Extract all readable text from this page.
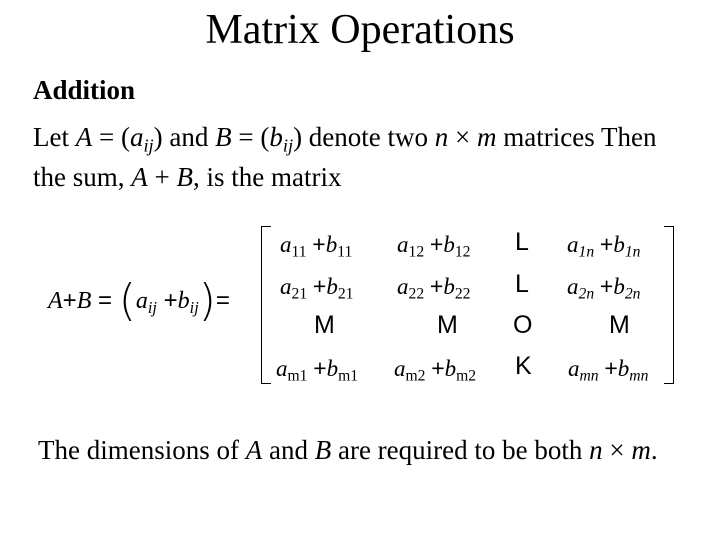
Matrix Operations
Addition
Let $A = (a_{ij})$ and $B = (b_{ij})$ denote two n × m matrices Then the sum, A + B, is the matrix
$A+B = (a_{ij} +b_{ij})=$
$a_{11} +b_{11}$ $a_{12} +b_{12}$ L $a_{1n} +b_{1n}$
$a_{21} +b_{21}$ $a_{22} +b_{22}$ L $a_{2n} +b_{2n}$
M	M O	M
$a_{m1} +b_{m1}$ $a_{m2} +b_{m2}$ K $a_{mn} +b_{mn}$
The dimensions of A and B are required to be both n × m.
